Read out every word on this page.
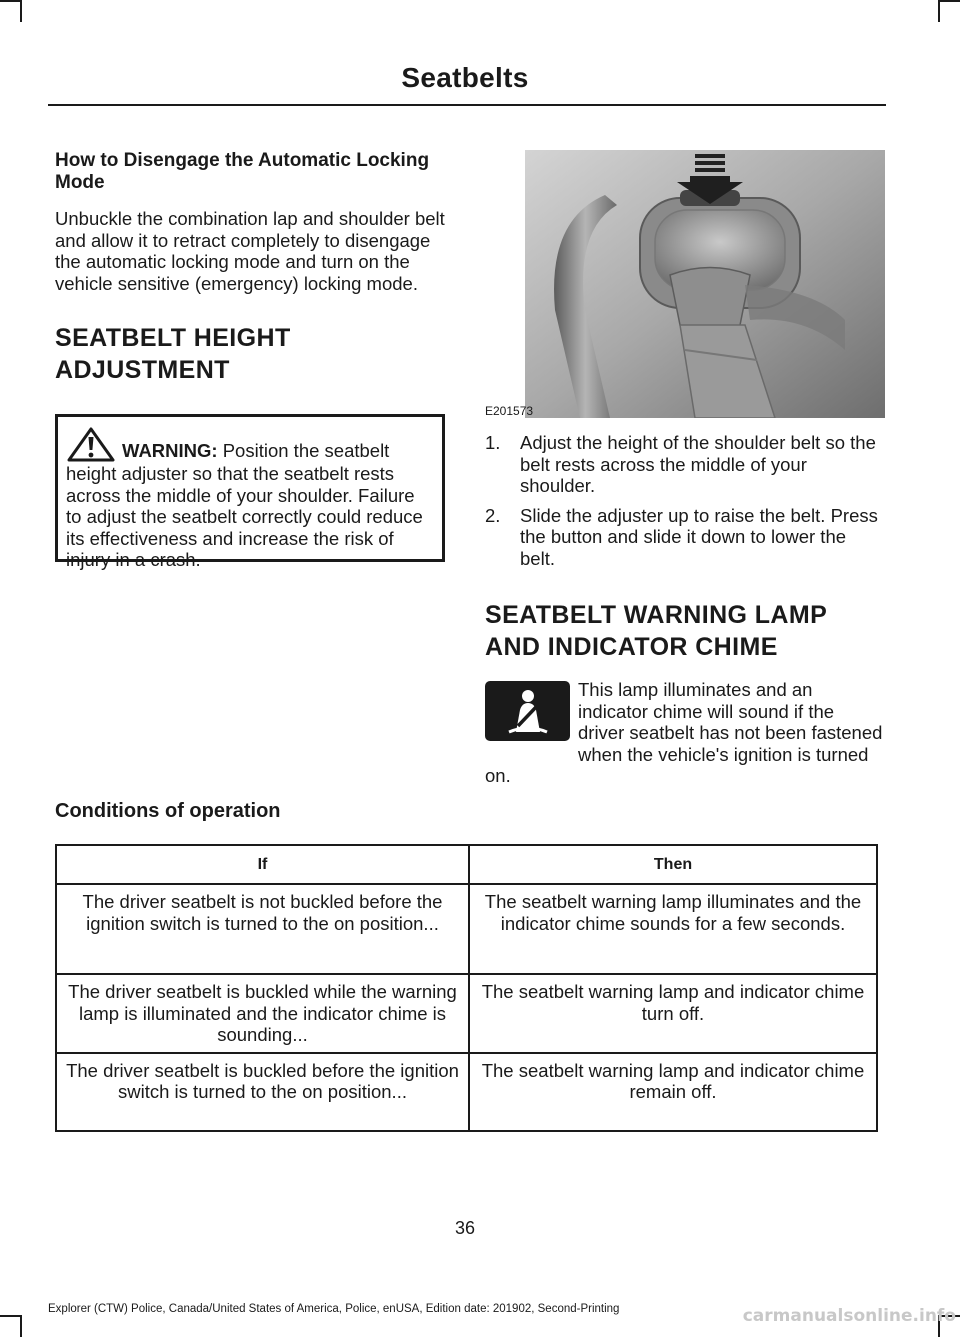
Seatbelts
How to Disengage the Automatic Locking Mode

Unbuckle the combination lap and shoulder belt and allow it to retract completely to disengage the automatic locking mode and turn on the vehicle sensitive (emergency) locking mode.

SEATBELT HEIGHT
ADJUSTMENT
WARNING: Position the seatbelt height adjuster so that the seatbelt rests across the middle of your shoulder. Failure to adjust the seatbelt correctly could reduce its effectiveness and increase the risk of injury in a crash.
E201573
1. Adjust the height of the shoulder belt so the belt rests across the middle of your shoulder.
2. Slide the adjuster up to raise the belt. Press the button and slide it down to lower the belt.
SEATBELT WARNING LAMP
AND INDICATOR CHIME

This lamp illuminates and an indicator chime will sound if the driver seatbelt has not been fastened when the vehicle's ignition is turned on.

Conditions of operation
If	Then
The driver seatbelt is not buckled before the ignition switch is turned to the on position...	The seatbelt warning lamp illuminates and the indicator chime sounds for a few seconds.
The driver seatbelt is buckled while the warning lamp is illuminated and the indicator chime is sounding...	The seatbelt warning lamp and indicator chime turn off.
The driver seatbelt is buckled before the ignition switch is turned to the on position...	The seatbelt warning lamp and indicator chime remain off.
36
Explorer (CTW) Police, Canada/United States of America, Police, enUSA, Edition date: 201902, Second-Printing	carmanualsonline.info
